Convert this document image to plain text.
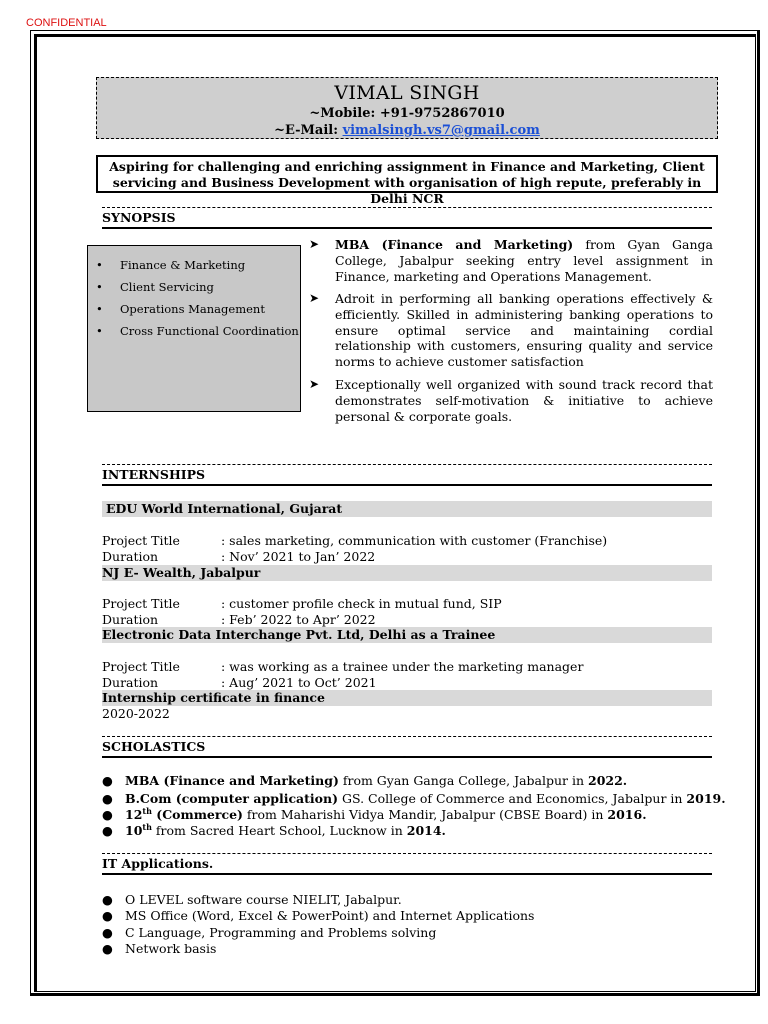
CONFIDENTIAL
VIMAL SINGH
~Mobile: +91-9752867010
~E-Mail: vimalsingh.vs7@gmail.com
Aspiring for challenging and enriching assignment in Finance and Marketing, Client servicing and Business Development with organisation of high repute, preferably in Delhi NCR
SYNOPSIS
• Finance & Marketing
• Client Servicing
• Operations Management
• Cross Functional Coordination
➤ MBA (Finance and Marketing) from Gyan Ganga College, Jabalpur seeking entry level assignment in Finance, marketing and Operations Management.
➤ Adroit in performing all banking operations effectively & efficiently. Skilled in administering banking operations to ensure optimal service and maintaining cordial relationship with customers, ensuring quality and service norms to achieve customer satisfaction
➤ Exceptionally well organized with sound track record that demonstrates self-motivation & initiative to achieve personal & corporate goals.
INTERNSHIPS
EDU World International, Gujarat
Project Title	: sales marketing, communication with customer (Franchise)
Duration	: Nov’ 2021 to Jan’ 2022
NJ E- Wealth, Jabalpur
Project Title	: customer profile check in mutual fund, SIP
Duration	: Feb’ 2022 to Apr’ 2022
Electronic Data Interchange Pvt. Ltd, Delhi as a Trainee
Project Title	: was working as a trainee under the marketing manager
Duration	: Aug’ 2021 to Oct’ 2021
Internship certificate in finance
2020-2022
SCHOLASTICS
● MBA (Finance and Marketing) from Gyan Ganga College, Jabalpur in 2022.
● B.Com (computer application) GS. College of Commerce and Economics, Jabalpur in 2019.
● 12th (Commerce) from Maharishi Vidya Mandir, Jabalpur (CBSE Board) in 2016.
● 10th from Sacred Heart School, Lucknow in 2014.
IT Applications.
● O LEVEL software course NIELIT, Jabalpur.
● MS Office (Word, Excel & PowerPoint) and Internet Applications
● C Language, Programming and Problems solving
● Network basis
